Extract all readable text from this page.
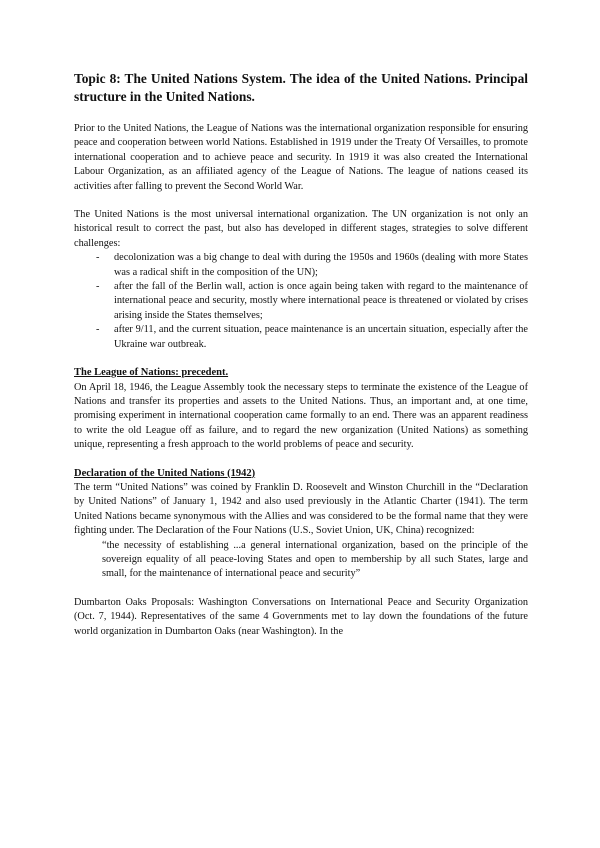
Topic 8: The United Nations System. The idea of the United Nations. Principal structure in the United Nations.

Prior to the United Nations, the League of Nations was the international organization responsible for ensuring peace and cooperation between world Nations. Established in 1919 under the Treaty Of Versailles, to promote international cooperation and to achieve peace and security. In 1919 it was also created the International Labour Organization, as an affiliated agency of the League of Nations. The league of nations ceased its activities after falling to prevent the Second World War.

The United Nations is the most universal international organization. The UN organization is not only an historical result to correct the past, but also has developed in different stages, strategies to solve different challenges:

- decolonization was a big change to deal with during the 1950s and 1960s (dealing with more States was a radical shift in the composition of the UN);
- after the fall of the Berlin wall, action is once again being taken with regard to the maintenance of international peace and security, mostly where international peace is threatened or violated by crises arising inside the States themselves;
- after 9/11, and the current situation, peace maintenance is an uncertain situation, especially after the Ukraine war outbreak.
The League of Nations: precedent.

On April 18, 1946, the League Assembly took the necessary steps to terminate the existence of the League of Nations and transfer its properties and assets to the United Nations. Thus, an important and, at one time, promising experiment in international cooperation came formally to an end. There was an apparent readiness to write the old League off as failure, and to regard the new organization (United Nations) as something unique, representing a fresh approach to the world problems of peace and security.

Declaration of the United Nations (1942)

The term “United Nations” was coined by Franklin D. Roosevelt and Winston Churchill in the “Declaration by United Nations” of January 1, 1942 and also used previously in the Atlantic Charter (1941). The term United Nations became synonymous with the Allies and was considered to be the formal name that they were fighting under. The Declaration of the Four Nations (U.S., Soviet Union, UK, China) recognized:

“the necessity of establishing ...a general international organization, based on the principle of the sovereign equality of all peace-loving States and open to membership by all such States, large and small, for the maintenance of international peace and security”

Dumbarton Oaks Proposals: Washington Conversations on International Peace and Security Organization (Oct. 7, 1944). Representatives of the same 4 Governments met to lay down the foundations of the future world organization in Dumbarton Oaks (near Washington). In the
